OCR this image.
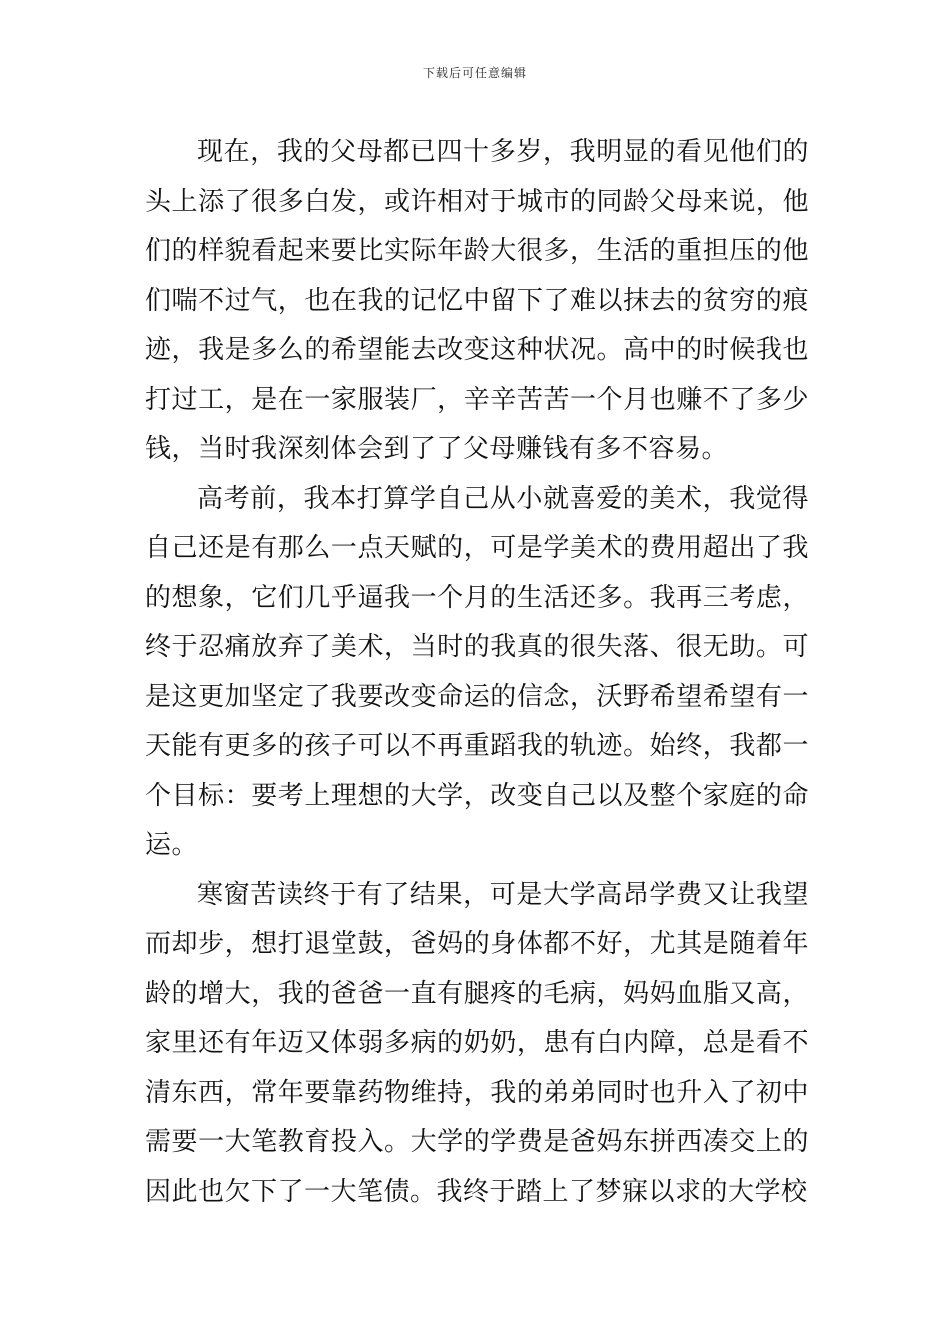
下载后可任意编辑

现在，我的父母都已四十多岁，我明显的看见他们的头上添了很多白发，或许相对于城市的同龄父母来说，他们的样貌看起来要比实际年龄大很多，生活的重担压的他们喘不过气，也在我的记忆中留下了难以抹去的贫穷的痕迹，我是多么的希望能去改变这种状况。高中的时候我也打过工，是在一家服装厂，辛辛苦苦一个月也赚不了多少钱，当时我深刻体会到了了父母赚钱有多不容易。

高考前，我本打算学自己从小就喜爱的美术，我觉得自己还是有那么一点天赋的，可是学美术的费用超出了我的想象，它们几乎逼我一个月的生活还多。我再三考虑，终于忍痛放弃了美术，当时的我真的很失落、很无助。可是这更加坚定了我要改变命运的信念，沃野希望希望有一天能有更多的孩子可以不再重蹈我的轨迹。始终，我都一个目标：要考上理想的大学，改变自己以及整个家庭的命运。

寒窗苦读终于有了结果，可是大学高昂学费又让我望而却步，想打退堂鼓，爸妈的身体都不好，尤其是随着年龄的增大，我的爸爸一直有腿疼的毛病，妈妈血脂又高，家里还有年迈又体弱多病的奶奶，患有白内障，总是看不清东西，常年要靠药物维持，我的弟弟同时也升入了初中需要一大笔教育投入。大学的学费是爸妈东拼西凑交上的因此也欠下了一大笔债。我终于踏上了梦寐以求的大学校
